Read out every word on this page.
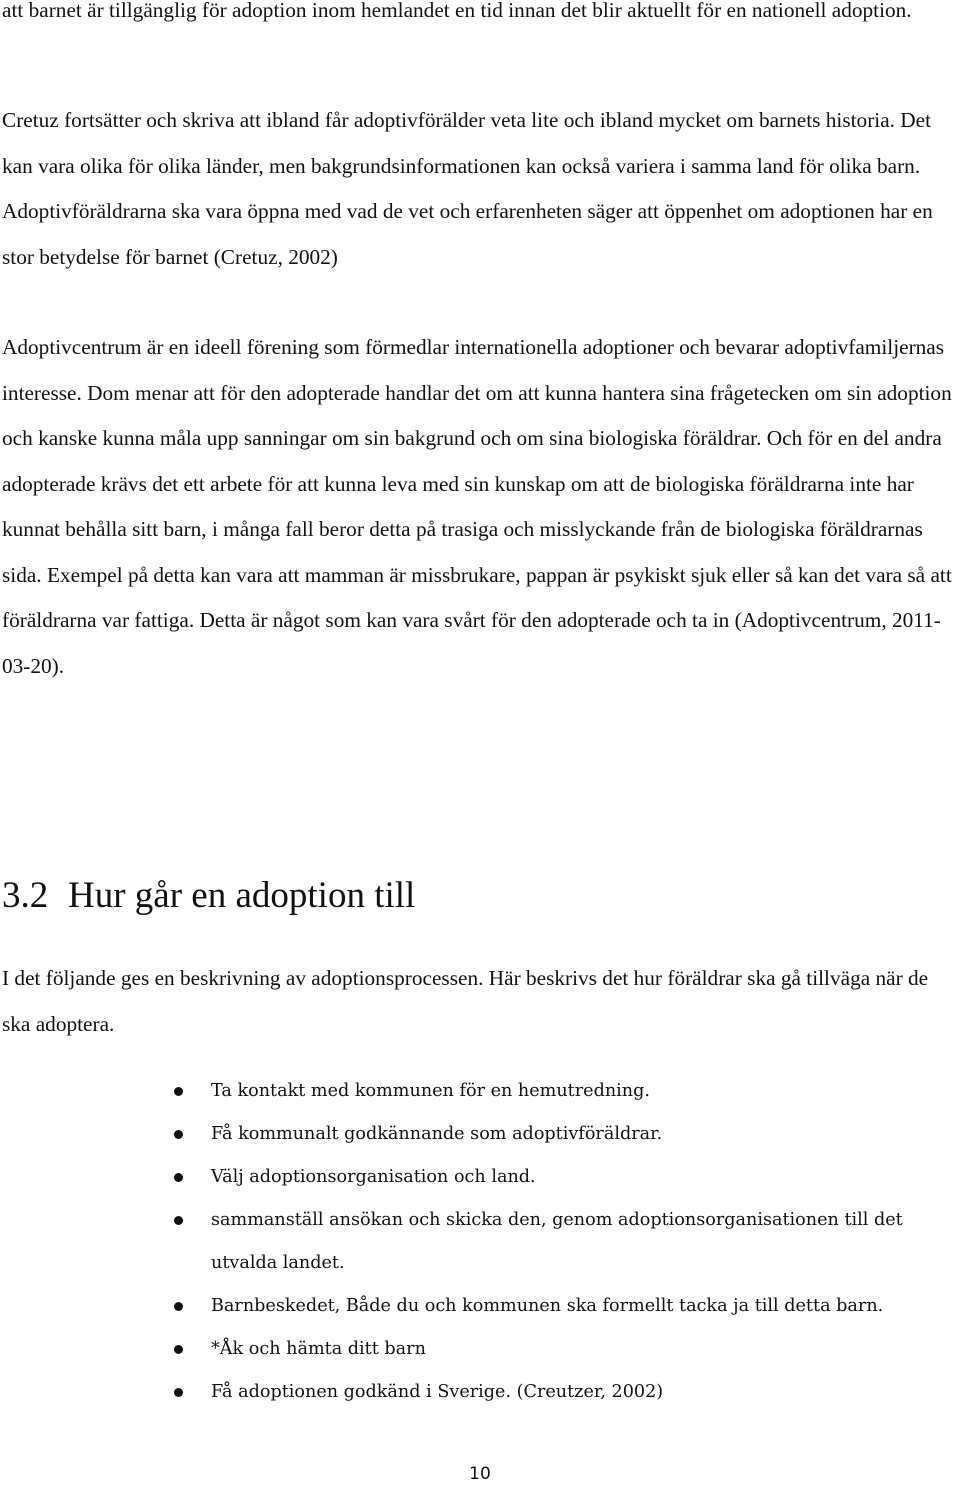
att barnet är tillgänglig för adoption inom hemlandet en tid innan det blir aktuellt för en nationell adoption.

Cretuz fortsätter och skriva att ibland får adoptivförälder veta lite och ibland mycket om barnets historia. Det kan vara olika för olika länder, men bakgrundsinformationen kan också variera i samma land för olika barn. Adoptivföräldrarna ska vara öppna med vad de vet och erfarenheten säger att öppenhet om adoptionen har en stor betydelse för barnet (Cretuz, 2002)

Adoptivcentrum är en ideell förening som förmedlar internationella adoptioner och bevarar adoptivfamiljernas interesse. Dom menar att för den adopterade handlar det om att kunna hantera sina frågetecken om sin adoption och kanske kunna måla upp sanningar om sin bakgrund och om sina biologiska föräldrar. Och för en del andra adopterade krävs det ett arbete för att kunna leva med sin kunskap om att de biologiska föräldrarna inte har kunnat behålla sitt barn, i många fall beror detta på trasiga och misslyckande från de biologiska föräldrarnas sida. Exempel på detta kan vara att mamman är missbrukare, pappan är psykiskt sjuk eller så kan det vara så att föräldrarna var fattiga. Detta är något som kan vara svårt för den adopterade och ta in (Adoptivcentrum, 2011-03-20).

3.2 Hur går en adoption till

I det följande ges en beskrivning av adoptionsprocessen. Här beskrivs det hur föräldrar ska gå tillväga när de ska adoptera.

Ta kontakt med kommunen för en hemutredning.
Få kommunalt godkännande som adoptivföräldrar.
Välj adoptionsorganisation och land.
sammanställ ansökan och skicka den, genom adoptionsorganisationen till det utvalda landet.
Barnbeskedet, Både du och kommunen ska formellt tacka ja till detta barn.
*Åk och hämta ditt barn
Få adoptionen godkänd i Sverige. (Creutzer, 2002)
10
